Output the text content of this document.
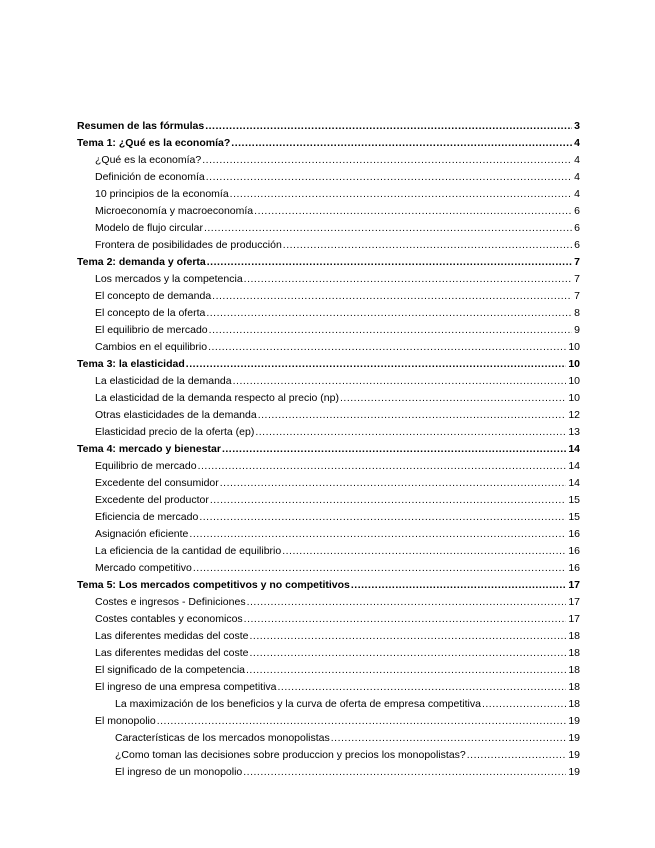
Resumen de las fórmulas .....	3
Tema 1: ¿Qué es la economía? .....	4
¿Qué es la economía? .....	4
Definición de economía .....	4
10 principios de la economía .....	4
Microeconomía y macroeconomía .....	6
Modelo de flujo circular .....	6
Frontera de posibilidades de producción .....	6
Tema 2: demanda y oferta .....	7
Los mercados y la competencia .....	7
El concepto de demanda .....	7
El concepto de la oferta .....	8
El equilibrio de mercado .....	9
Cambios en el equilibrio .....	10
Tema 3: la elasticidad .....	10
La elasticidad de la demanda .....	10
La elasticidad de la demanda respecto al precio (np) .....	10
Otras elasticidades de la demanda .....	12
Elasticidad precio de la oferta (ep) .....	13
Tema 4: mercado y bienestar .....	14
Equilibrio de mercado .....	14
Excedente del consumidor .....	14
Excedente del productor .....	15
Eficiencia de mercado .....	15
Asignación eficiente .....	16
La eficiencia de la cantidad de equilibrio .....	16
Mercado competitivo .....	16
Tema 5: Los mercados competitivos y no competitivos .....	17
Costes e ingresos - Definiciones .....	17
Costes contables y economicos .....	17
Las diferentes medidas del coste .....	18
Las diferentes medidas del coste .....	18
El significado de la competencia .....	18
El ingreso de una empresa competitiva .....	18
La maximización de los beneficios y la curva de oferta de empresa competitiva .....	18
El monopolio .....	19
Características de los mercados monopolistas .....	19
¿Como toman las decisiones sobre produccion y precios los monopolistas? .....	19
El ingreso de un monopolio .....	19
